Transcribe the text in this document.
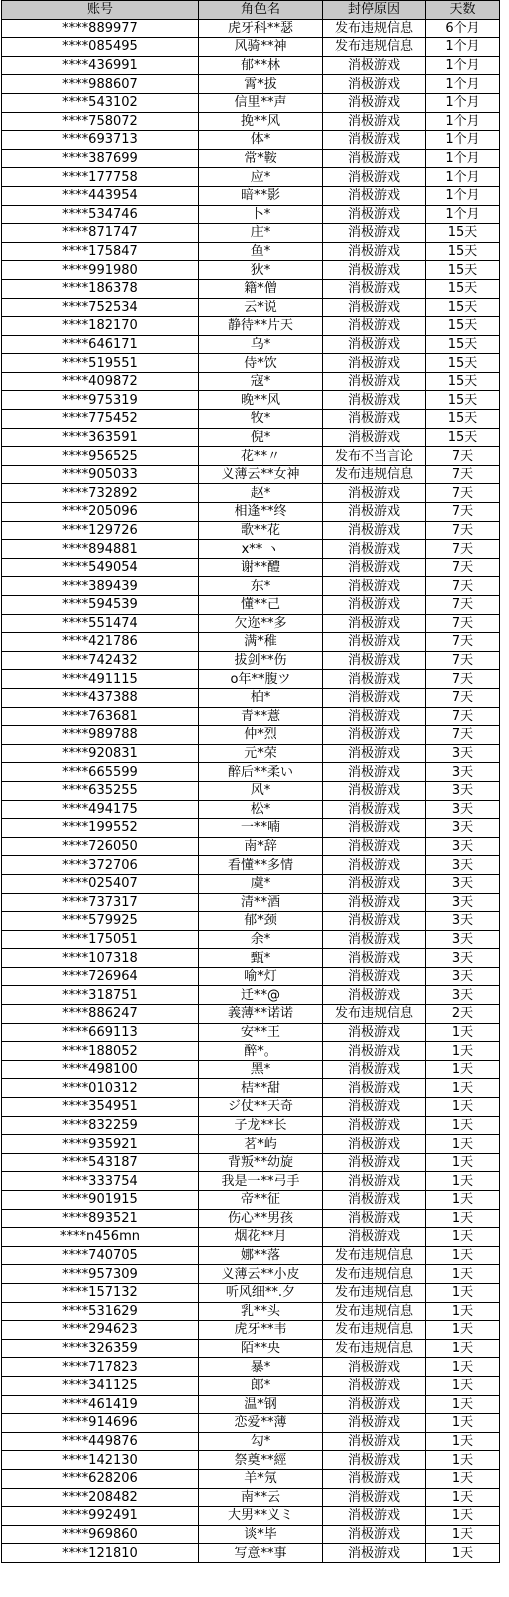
账号	角色名	封停原因	天数
****889977	虎牙科**瑟	发布违规信息	6个月
****085495	风骑**神	发布违规信息	1个月
****436991	郁**林	消极游戏	1个月
****988607	霄*拔	消极游戏	1个月
****543102	信里**声	消极游戏	1个月
****758072	挽**风	消极游戏	1个月
****693713	体*	消极游戏	1个月
****387699	常*鞍	消极游戏	1个月
****177758	应*	消极游戏	1个月
****443954	暗**影	消极游戏	1个月
****534746	卜*	消极游戏	1个月
****871747	庄*	消极游戏	15天
****175847	鱼*	消极游戏	15天
****991980	狄*	消极游戏	15天
****186378	籍*僧	消极游戏	15天
****752534	云*说	消极游戏	15天
****182170	静待**片天	消极游戏	15天
****646171	乌*	消极游戏	15天
****519551	侍*饮	消极游戏	15天
****409872	寇*	消极游戏	15天
****975319	晚**风	消极游戏	15天
****775452	牧*	消极游戏	15天
****363591	倪*	消极游戏	15天
****956525	花**〃	发布不当言论	7天
****905033	义薄云**女神	发布违规信息	7天
****732892	赵*	消极游戏	7天
****205096	相逢**终	消极游戏	7天
****129726	歌**花	消极游戏	7天
****894881	x** ヽ	消极游戏	7天
****549054	谢**醴	消极游戏	7天
****389439	东*	消极游戏	7天
****594539	懂**己	消极游戏	7天
****551474	欠迩**多	消极游戏	7天
****421786	满*稚	消极游戏	7天
****742432	拔剑**伤	消极游戏	7天
****491115	o年**腹ツ	消极游戏	7天
****437388	柏*	消极游戏	7天
****763681	青**薏	消极游戏	7天
****989788	仲*烈	消极游戏	7天
****920831	元*荣	消极游戏	3天
****665599	醉后**柔い	消极游戏	3天
****635255	风*	消极游戏	3天
****494175	松*	消极游戏	3天
****199552	一**喃	消极游戏	3天
****726050	南*辞	消极游戏	3天
****372706	看懂**多情	消极游戏	3天
****025407	虞*	消极游戏	3天
****737317	清**酒	消极游戏	3天
****579925	郁*颈	消极游戏	3天
****175051	余*	消极游戏	3天
****107318	甄*	消极游戏	3天
****726964	喻*灯	消极游戏	3天
****318751	迁**@	消极游戏	3天
****886247	義薄**诺诺	发布违规信息	2天
****669113	安**王	消极游戏	1天
****188052	醉*。	消极游戏	1天
****498100	黑*	消极游戏	1天
****010312	桔**甜	消极游戏	1天
****354951	ジ仗**天奇	消极游戏	1天
****832259	子龙**长	消极游戏	1天
****935921	茗*屿	消极游戏	1天
****543187	背叛**幼旋	消极游戏	1天
****333754	我是一**弓手	消极游戏	1天
****901915	帝**征	消极游戏	1天
****893521	伤心**男孩	消极游戏	1天
****n456mn	烟花**月	消极游戏	1天
****740705	娜**落	发布违规信息	1天
****957309	义薄云**小皮	发布违规信息	1天
****157132	听风细**.夕	发布违规信息	1天
****531629	乳**头	发布违规信息	1天
****294623	虎牙**韦	发布违规信息	1天
****326359	陌**央	发布违规信息	1天
****717823	暴*	消极游戏	1天
****341125	郎*	消极游戏	1天
****461419	温*钢	消极游戏	1天
****914696	恋爱**薄	消极游戏	1天
****449876	勾*	消极游戏	1天
****142130	祭奠**經	消极游戏	1天
****628206	羊*氖	消极游戏	1天
****208482	南**云	消极游戏	1天
****992491	大男**义ミ	消极游戏	1天
****969860	谈*毕	消极游戏	1天
****121810	写意**事	消极游戏	1天
